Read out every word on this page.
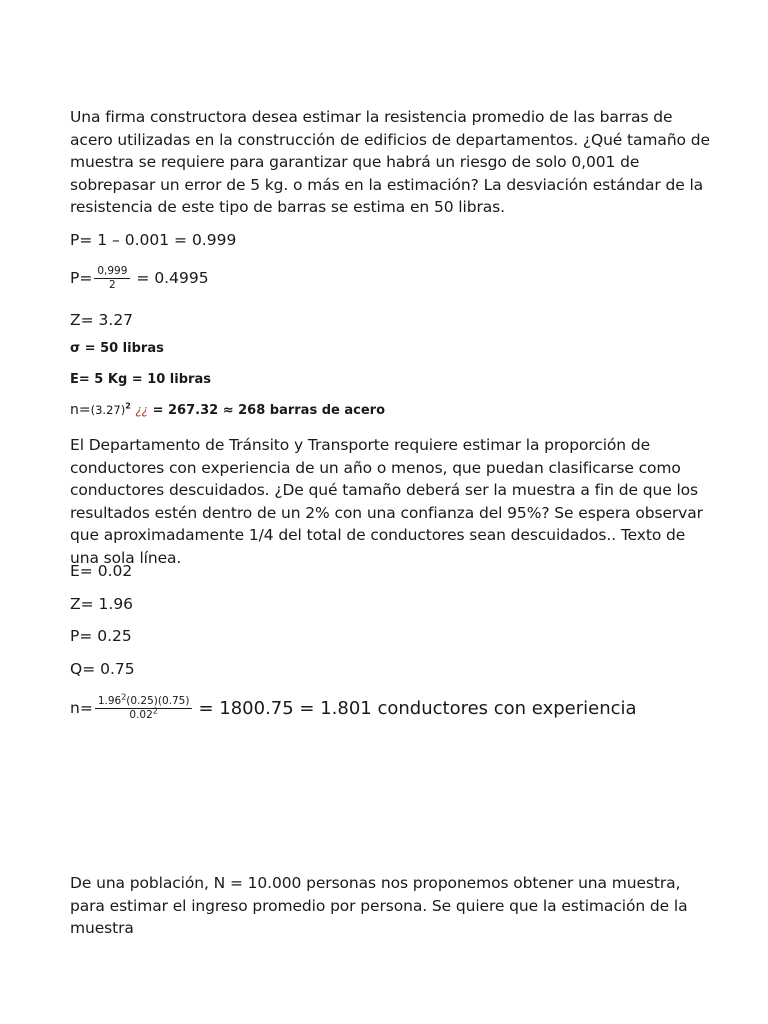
Una firma constructora desea estimar la resistencia promedio de las barras de acero utilizadas en la construcción de edificios de departamentos. ¿Qué tamaño de muestra se requiere para garantizar que habrá un riesgo de solo 0,001 de sobrepasar un error de 5 kg. o más en la estimación? La desviación estándar de la resistencia de este tipo de barras se estima en 50 libras.
P= 1 – 0.001 = 0.999
$P= \frac{0,999}{2} = 0.4995$
Z= 3.27
σ = 50 libras
E= 5 Kg = 10 libras
$n=(3.27)^2$ ¿¿ = 267.32 ≈ 268 barras de acero
El Departamento de Tránsito y Transporte requiere estimar la proporción de conductores con experiencia de un año o menos, que puedan clasificarse como conductores descuidados. ¿De qué tamaño deberá ser la muestra a fin de que los resultados estén dentro de un 2% con una confianza del 95%? Se espera observar que aproximadamente 1/4 del total de conductores sean descuidados.. Texto de una sola línea.
E= 0.02
Z= 1.96
P= 0.25
Q= 0.75
$n= \frac{1.96^2(0.25)(0.75)}{0.02^2} = 1800.75 = 1.801$ conductores con experiencia
De una población, N = 10.000 personas nos proponemos obtener una muestra, para estimar el ingreso promedio por persona. Se quiere que la estimación de la muestra
